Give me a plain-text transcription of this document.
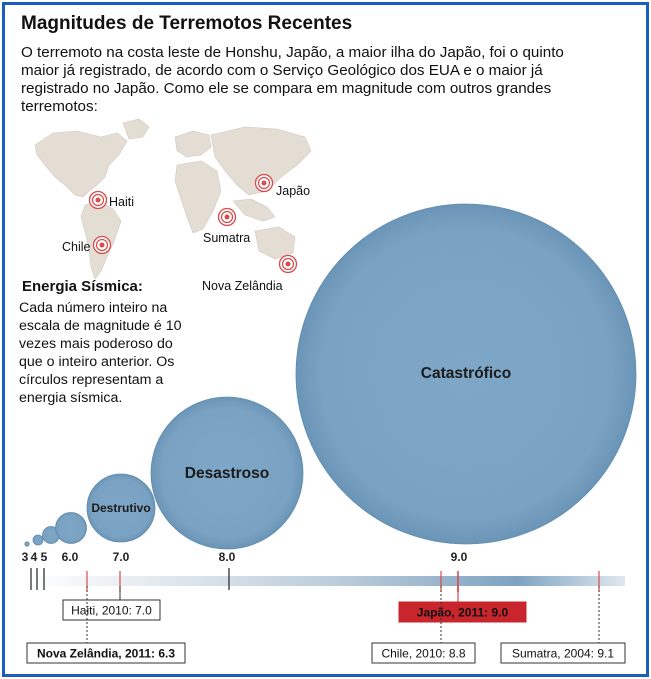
Magnitudes de Terremotos Recentes

O terremoto na costa leste de Honshu, Japão, a maior ilha do Japão, foi o quinto maior já registrado, de acordo com o Serviço Geológico dos EUA e o maior já registrado no Japão. Como ele se compara em magnitude com outros grandes terremotos:

Haiti
Chile
Japão
Sumatra
Nova Zelândia
Destrutivo
Desastroso
Catastrófico
3 4 5 6.0	7.0	8.0	9.0
Haiti, 2010: 7.0
Nova Zelândia, 2011: 6.3
Japão, 2011: 9.0
Chile, 2010: 8.8	Sumatra, 2004: 9.1
Energia Sísmica:

Cada número inteiro na escala de magnitude é 10 vezes mais poderoso do que o inteiro anterior. Os círculos representam a energia sísmica.
